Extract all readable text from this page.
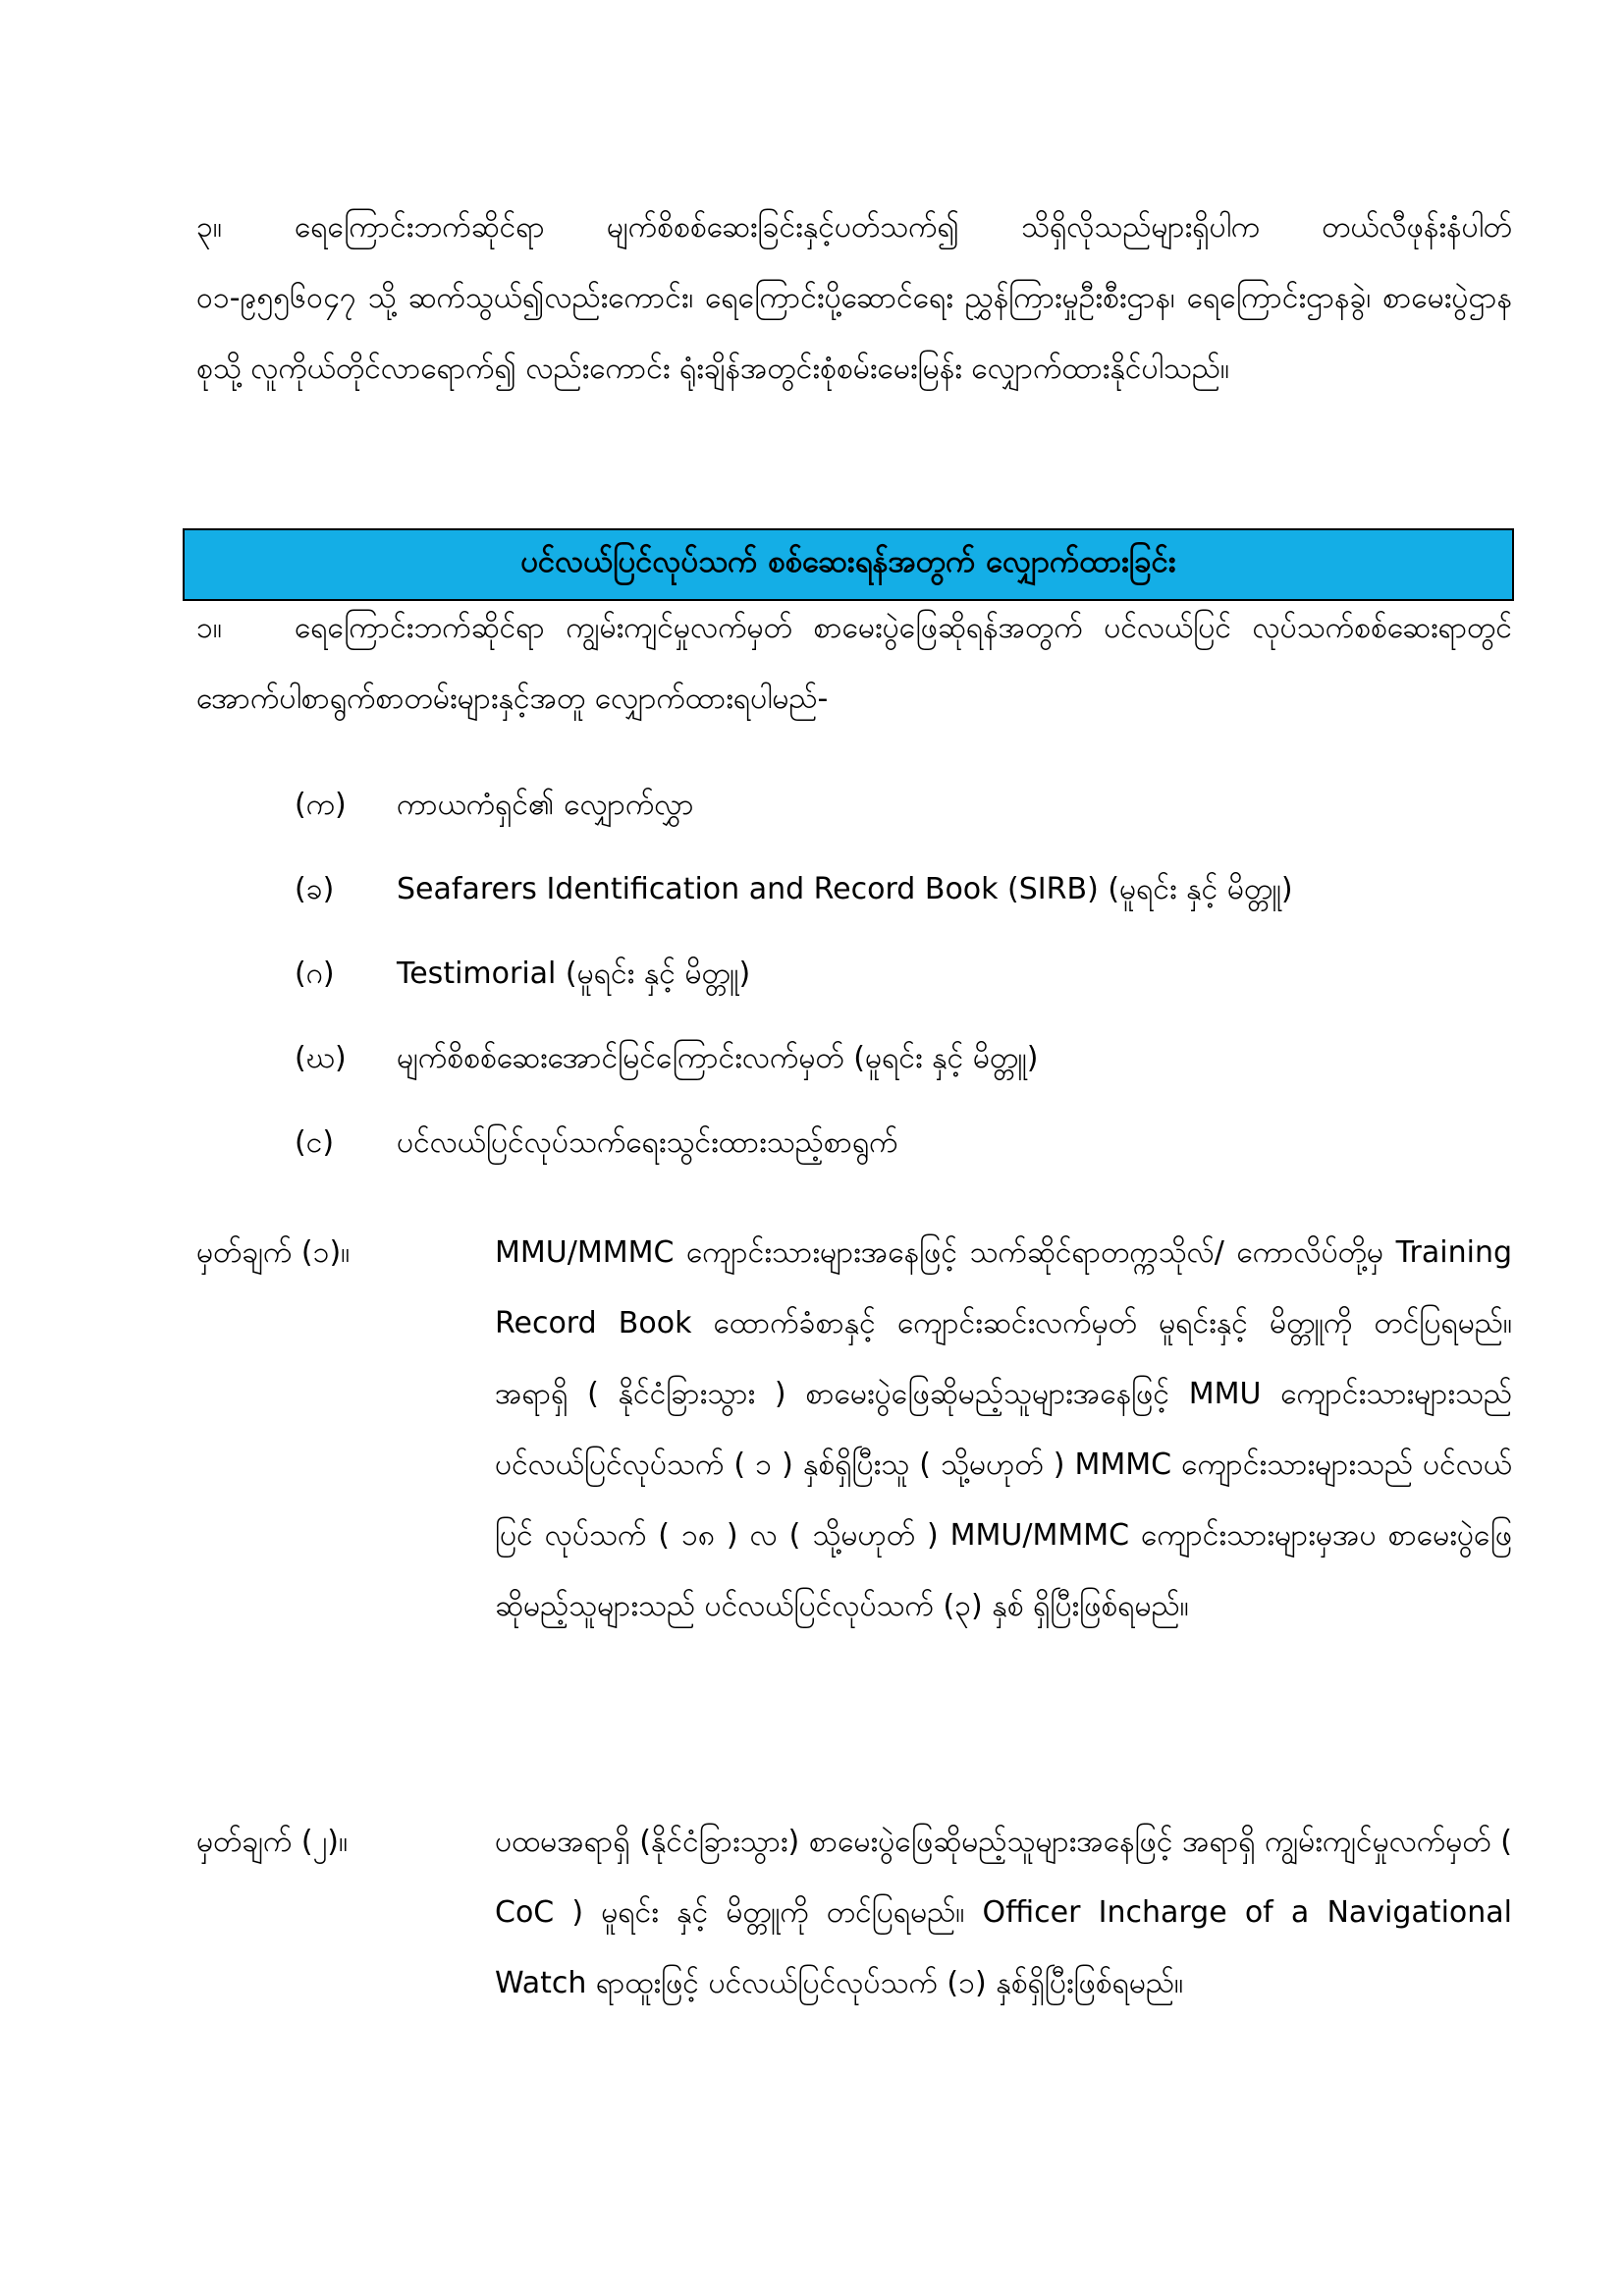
၃။ ရေကြောင်းဘက်ဆိုင်ရာ မျက်စိစစ်ဆေးခြင်းနှင့်ပတ်သက်၍ သိရှိလိုသည်များရှိပါက တယ်လီဖုန်းနံပါတ် ၀၁-၉၅၅၆၀၄၇ သို့ ဆက်သွယ်၍လည်းကောင်း၊ ရေကြောင်းပို့ဆောင်ရေး ညွှန်ကြားမှုဦးစီးဌာန၊ ရေကြောင်းဌာနခွဲ၊ စာမေးပွဲဌာနစုသို့ လူကိုယ်တိုင်လာရောက်၍ လည်းကောင်း ရုံးချိန်အတွင်းစုံစမ်းမေးမြန်း လျှောက်ထားနိုင်ပါသည်။

ပင်လယ်ပြင်လုပ်သက် စစ်ဆေးရန်အတွက် လျှောက်ထားခြင်း

၁။ ရေကြောင်းဘက်ဆိုင်ရာ ကျွမ်းကျင်မှုလက်မှတ် စာမေးပွဲဖြေဆိုရန်အတွက် ပင်လယ်ပြင် လုပ်သက်စစ်ဆေးရာတွင် အောက်ပါစာရွက်စာတမ်းများနှင့်အတူ လျှောက်ထားရပါမည်-

(က)	ကာယကံရှင်၏ လျှောက်လွှာ
(ခ)	Seafarers Identification and Record Book (SIRB) (မူရင်း နှင့် မိတ္တူ)
(ဂ)	Testimorial (မူရင်း နှင့် မိတ္တူ)
(ဃ)	မျက်စိစစ်ဆေးအောင်မြင်ကြောင်းလက်မှတ် (မူရင်း နှင့် မိတ္တူ)
(င)	ပင်လယ်ပြင်လုပ်သက်ရေးသွင်းထားသည့်စာရွက်
မှတ်ချက် (၁)။	MMU/MMMC ကျောင်းသားများအနေဖြင့် သက်ဆိုင်ရာတက္ကသိုလ်/ ကောလိပ်တို့မှ Training Record Book ထောက်ခံစာနှင့် ကျောင်းဆင်းလက်မှတ် မူရင်းနှင့် မိတ္တူကို တင်ပြရမည်။ အရာရှိ ( နိုင်ငံခြားသွား ) စာမေးပွဲဖြေဆိုမည့်သူများအနေဖြင့် MMU ကျောင်းသားများသည် ပင်လယ်ပြင်လုပ်သက် ( ၁ ) နှစ်ရှိပြီးသူ ( သို့မဟုတ် ) MMMC ကျောင်းသားများသည် ပင်လယ်ပြင် လုပ်သက် ( ၁၈ ) လ ( သို့မဟုတ် ) MMU/MMMC ကျောင်းသားများမှအပ စာမေးပွဲဖြေဆိုမည့်သူများသည် ပင်လယ်ပြင်လုပ်သက် (၃) နှစ် ရှိပြီးဖြစ်ရမည်။
မှတ်ချက် (၂)။	ပထမအရာရှိ (နိုင်ငံခြားသွား) စာမေးပွဲဖြေဆိုမည့်သူများအနေဖြင့် အရာရှိ ကျွမ်းကျင်မှုလက်မှတ် ( CoC ) မူရင်း နှင့် မိတ္တူကို တင်ပြရမည်။ Officer Incharge of a Navigational Watch ရာထူးဖြင့် ပင်လယ်ပြင်လုပ်သက် (၁) နှစ်ရှိပြီးဖြစ်ရမည်။
